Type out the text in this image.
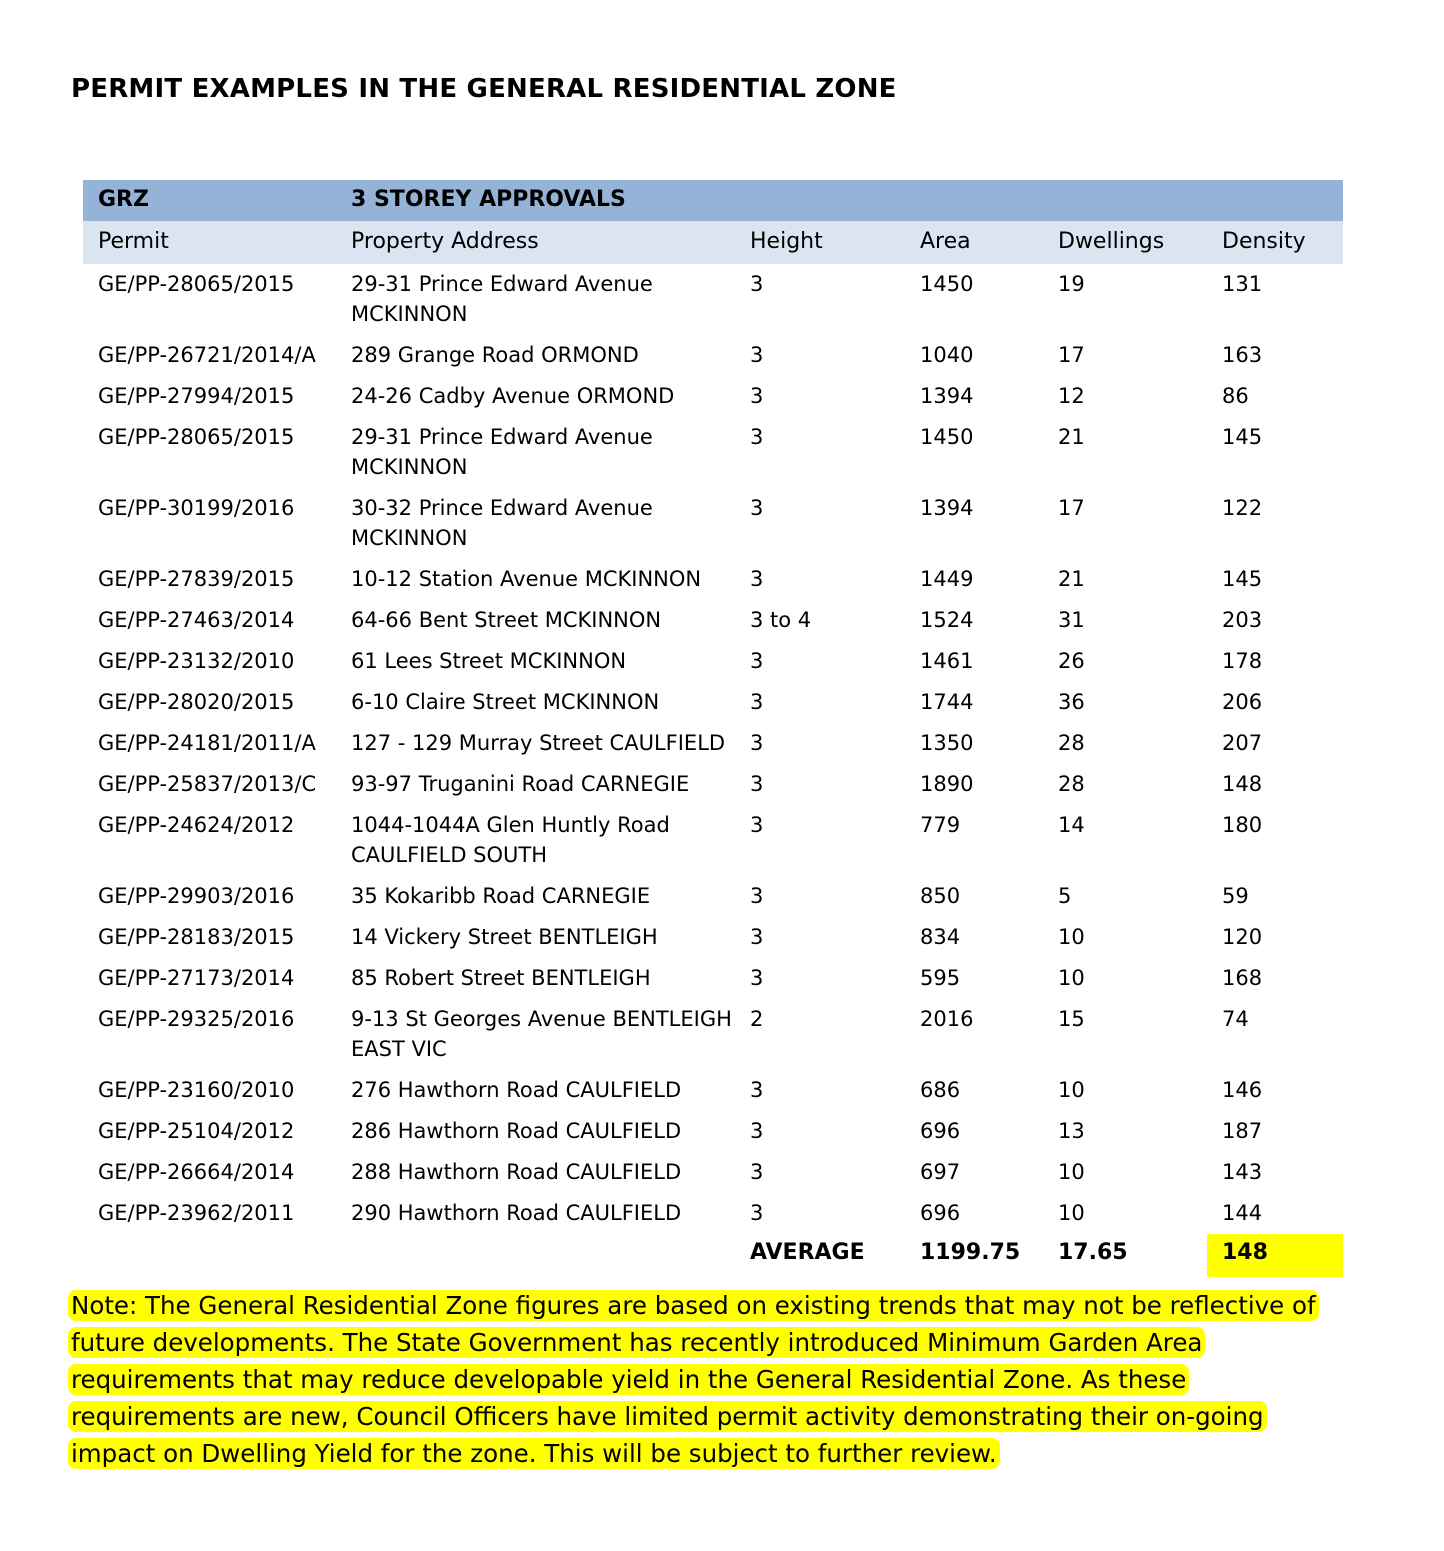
PERMIT EXAMPLES IN THE GENERAL RESIDENTIAL ZONE
GRZ	3 STOREY APPROVALS				
Permit	Property Address	Height	Area	Dwellings	Density
GE/PP-28065/2015	29-31 Prince Edward Avenue MCKINNON	3	1450	19	131
GE/PP-26721/2014/A	289 Grange Road ORMOND	3	1040	17	163
GE/PP-27994/2015	24-26 Cadby Avenue ORMOND	3	1394	12	86
GE/PP-28065/2015	29-31 Prince Edward Avenue MCKINNON	3	1450	21	145
GE/PP-30199/2016	30-32 Prince Edward Avenue MCKINNON	3	1394	17	122
GE/PP-27839/2015	10-12 Station Avenue MCKINNON	3	1449	21	145
GE/PP-27463/2014	64-66 Bent Street MCKINNON	3 to 4	1524	31	203
GE/PP-23132/2010	61 Lees Street MCKINNON	3	1461	26	178
GE/PP-28020/2015	6-10 Claire Street MCKINNON	3	1744	36	206
GE/PP-24181/2011/A	127 - 129 Murray Street CAULFIELD	3	1350	28	207
GE/PP-25837/2013/C	93-97 Truganini Road CARNEGIE	3	1890	28	148
GE/PP-24624/2012	1044-1044A Glen Huntly Road CAULFIELD SOUTH	3	779	14	180
GE/PP-29903/2016	35 Kokaribb Road CARNEGIE	3	850	5	59
GE/PP-28183/2015	14 Vickery Street BENTLEIGH	3	834	10	120
GE/PP-27173/2014	85 Robert Street BENTLEIGH	3	595	10	168
GE/PP-29325/2016	9-13 St Georges Avenue BENTLEIGH EAST VIC	2	2016	15	74
GE/PP-23160/2010	276 Hawthorn Road CAULFIELD	3	686	10	146
GE/PP-25104/2012	286 Hawthorn Road CAULFIELD	3	696	13	187
GE/PP-26664/2014	288 Hawthorn Road CAULFIELD	3	697	10	143
GE/PP-23962/2011	290 Hawthorn Road CAULFIELD	3	696	10	144
		AVERAGE	1199.75	17.65	148

Note: The General Residential Zone figures are based on existing trends that may not be reflective of future developments. The State Government has recently introduced Minimum Garden Area requirements that may reduce developable yield in the General Residential Zone. As these requirements are new, Council Officers have limited permit activity demonstrating their on-going impact on Dwelling Yield for the zone. This will be subject to further review.
